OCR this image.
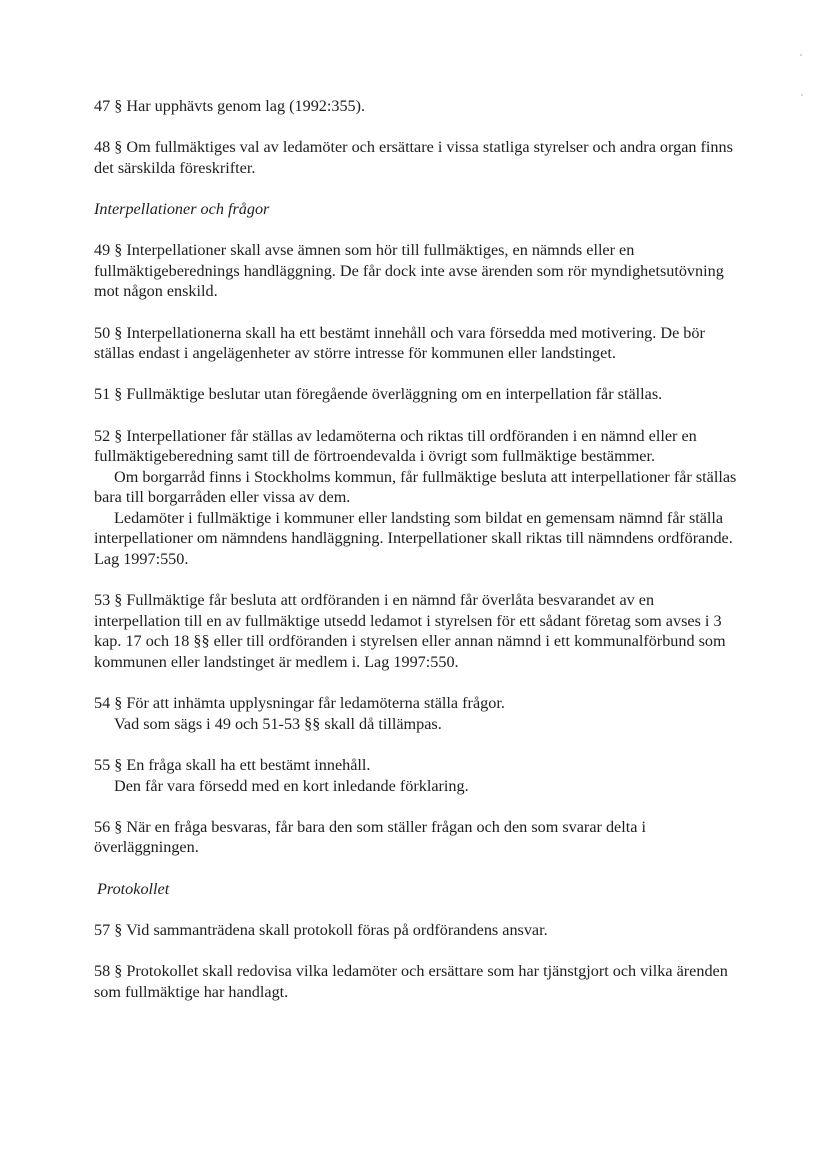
47 § Har upphävts genom lag (1992:355).

48 § Om fullmäktiges val av ledamöter och ersättare i vissa statliga styrelser och andra organ finns det särskilda föreskrifter.

Interpellationer och frågor

49 § Interpellationer skall avse ämnen som hör till fullmäktiges, en nämnds eller en fullmäktigeberednings handläggning. De får dock inte avse ärenden som rör myndighetsutövning mot någon enskild.

50 § Interpellationerna skall ha ett bestämt innehåll och vara försedda med motivering. De bör ställas endast i angelägenheter av större intresse för kommunen eller landstinget.

51 § Fullmäktige beslutar utan föregående överläggning om en interpellation får ställas.

52 § Interpellationer får ställas av ledamöterna och riktas till ordföranden i en nämnd eller en fullmäktigeberedning samt till de förtroendevalda i övrigt som fullmäktige bestämmer.

Om borgarråd finns i Stockholms kommun, får fullmäktige besluta att interpellationer får ställas bara till borgarråden eller vissa av dem.

Ledamöter i fullmäktige i kommuner eller landsting som bildat en gemensam nämnd får ställa interpellationer om nämndens handläggning. Interpellationer skall riktas till nämndens ordförande. Lag 1997:550.

53 § Fullmäktige får besluta att ordföranden i en nämnd får överlåta besvarandet av en interpellation till en av fullmäktige utsedd ledamot i styrelsen för ett sådant företag som avses i 3 kap. 17 och 18 §§ eller till ordföranden i styrelsen eller annan nämnd i ett kommunalförbund som kommunen eller landstinget är medlem i. Lag 1997:550.

54 § För att inhämta upplysningar får ledamöterna ställa frågor.

Vad som sägs i 49 och 51-53 §§ skall då tillämpas.

55 § En fråga skall ha ett bestämt innehåll.

Den får vara försedd med en kort inledande förklaring.

56 § När en fråga besvaras, får bara den som ställer frågan och den som svarar delta i överläggningen.

Protokollet

57 § Vid sammanträdena skall protokoll föras på ordförandens ansvar.

58 § Protokollet skall redovisa vilka ledamöter och ersättare som har tjänstgjort och vilka ärenden som fullmäktige har handlagt.
